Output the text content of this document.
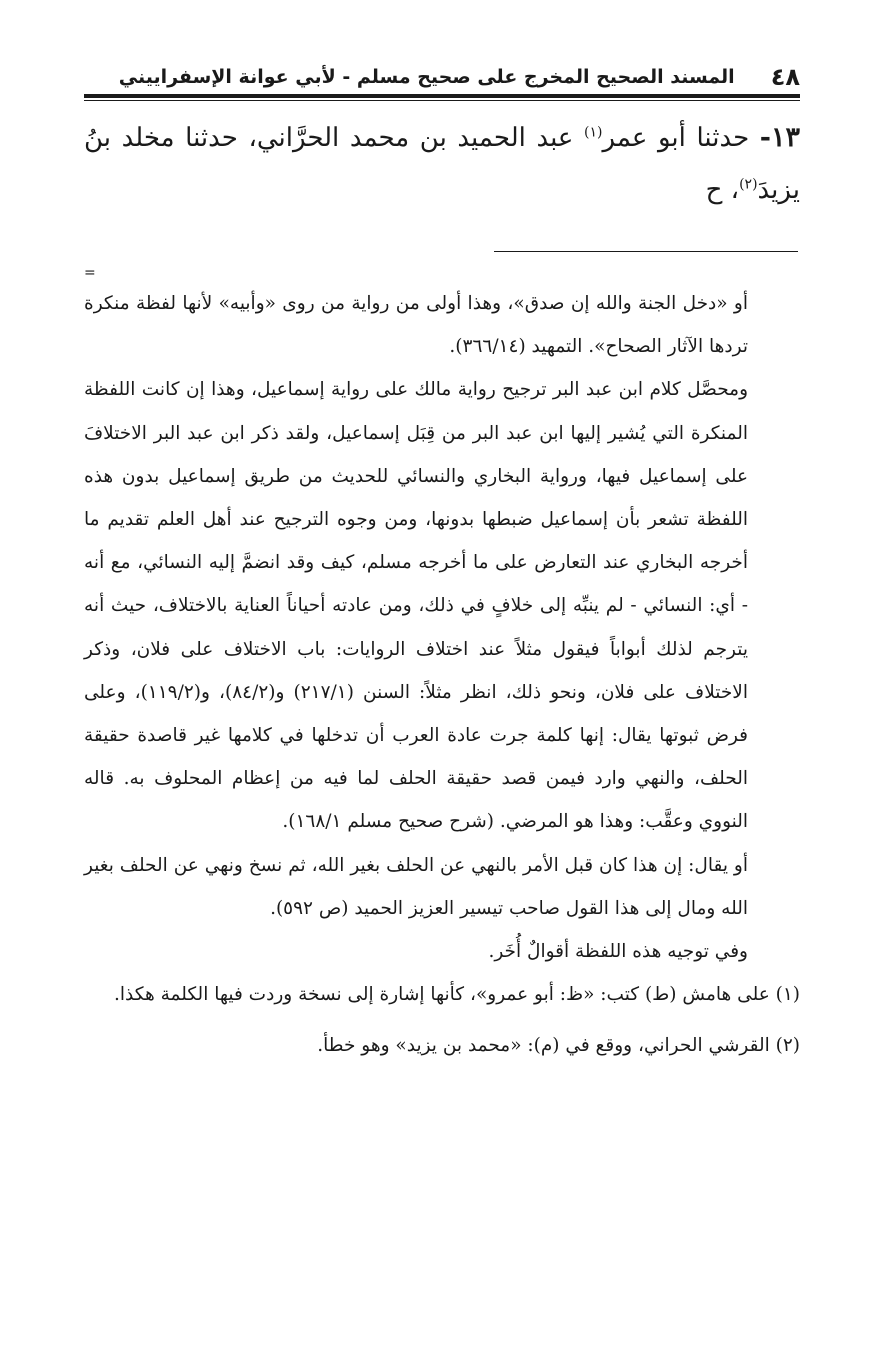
٤٨
المسند الصحيح المخرج على صحيح مسلم - لأبي عوانة الإسفراييني
١٣- حدثنا أبو عمر$^{(١)}$ عبد الحميد بن محمد الحرَّاني، حدثنا مخلد بنُ يزيدَ$^{(٢)}$، ح
=

أو «دخل الجنة والله إن صدق»، وهذا أولى من رواية من روى «وأبيه» لأنها لفظة منكرة تردها الآثار الصحاح». التمهيد (٣٦٦/١٤).

ومحصَّل كلام ابن عبد البر ترجيح رواية مالك على رواية إسماعيل، وهذا إن كانت اللفظة المنكرة التي يُشير إليها ابن عبد البر من قِبَل إسماعيل، ولقد ذكر ابن عبد البر الاختلافَ على إسماعيل فيها، ورواية البخاري والنسائي للحديث من طريق إسماعيل بدون هذه اللفظة تشعر بأن إسماعيل ضبطها بدونها، ومن وجوه الترجيح عند أهل العلم تقديم ما أخرجه البخاري عند التعارض على ما أخرجه مسلم، كيف وقد انضمَّ إليه النسائي، مع أنه - أي: النسائي - لم ينبِّه إلى خلافٍ في ذلك، ومن عادته أحياناً العناية بالاختلاف، حيث أنه يترجم لذلك أبواباً فيقول مثلاً عند اختلاف الروايات: باب الاختلاف على فلان، وذكر الاختلاف على فلان، ونحو ذلك، انظر مثلاً: السنن (٢١٧/١) و(٨٤/٢)، و(١١٩/٢)، وعلى فرض ثبوتها يقال: إنها كلمة جرت عادة العرب أن تدخلها في كلامها غير قاصدة حقيقة الحلف، والنهي وارد فيمن قصد حقيقة الحلف لما فيه من إعظام المحلوف به. قاله النووي وعقَّب: وهذا هو المرضي. (شرح صحيح مسلم ١٦٨/١).

أو يقال: إن هذا كان قبل الأمر بالنهي عن الحلف بغير الله، ثم نسخ ونهي عن الحلف بغير الله ومال إلى هذا القول صاحب تيسير العزيز الحميد (ص ٥٩٢).

وفي توجيه هذه اللفظة أقوالٌ أُخَر.

(١) على هامش (ط) كتب: «ظ: أبو عمرو»، كأنها إشارة إلى نسخة وردت فيها الكلمة هكذا.

(٢) القرشي الحراني، ووقع في (م): «محمد بن يزيد» وهو خطأ.
